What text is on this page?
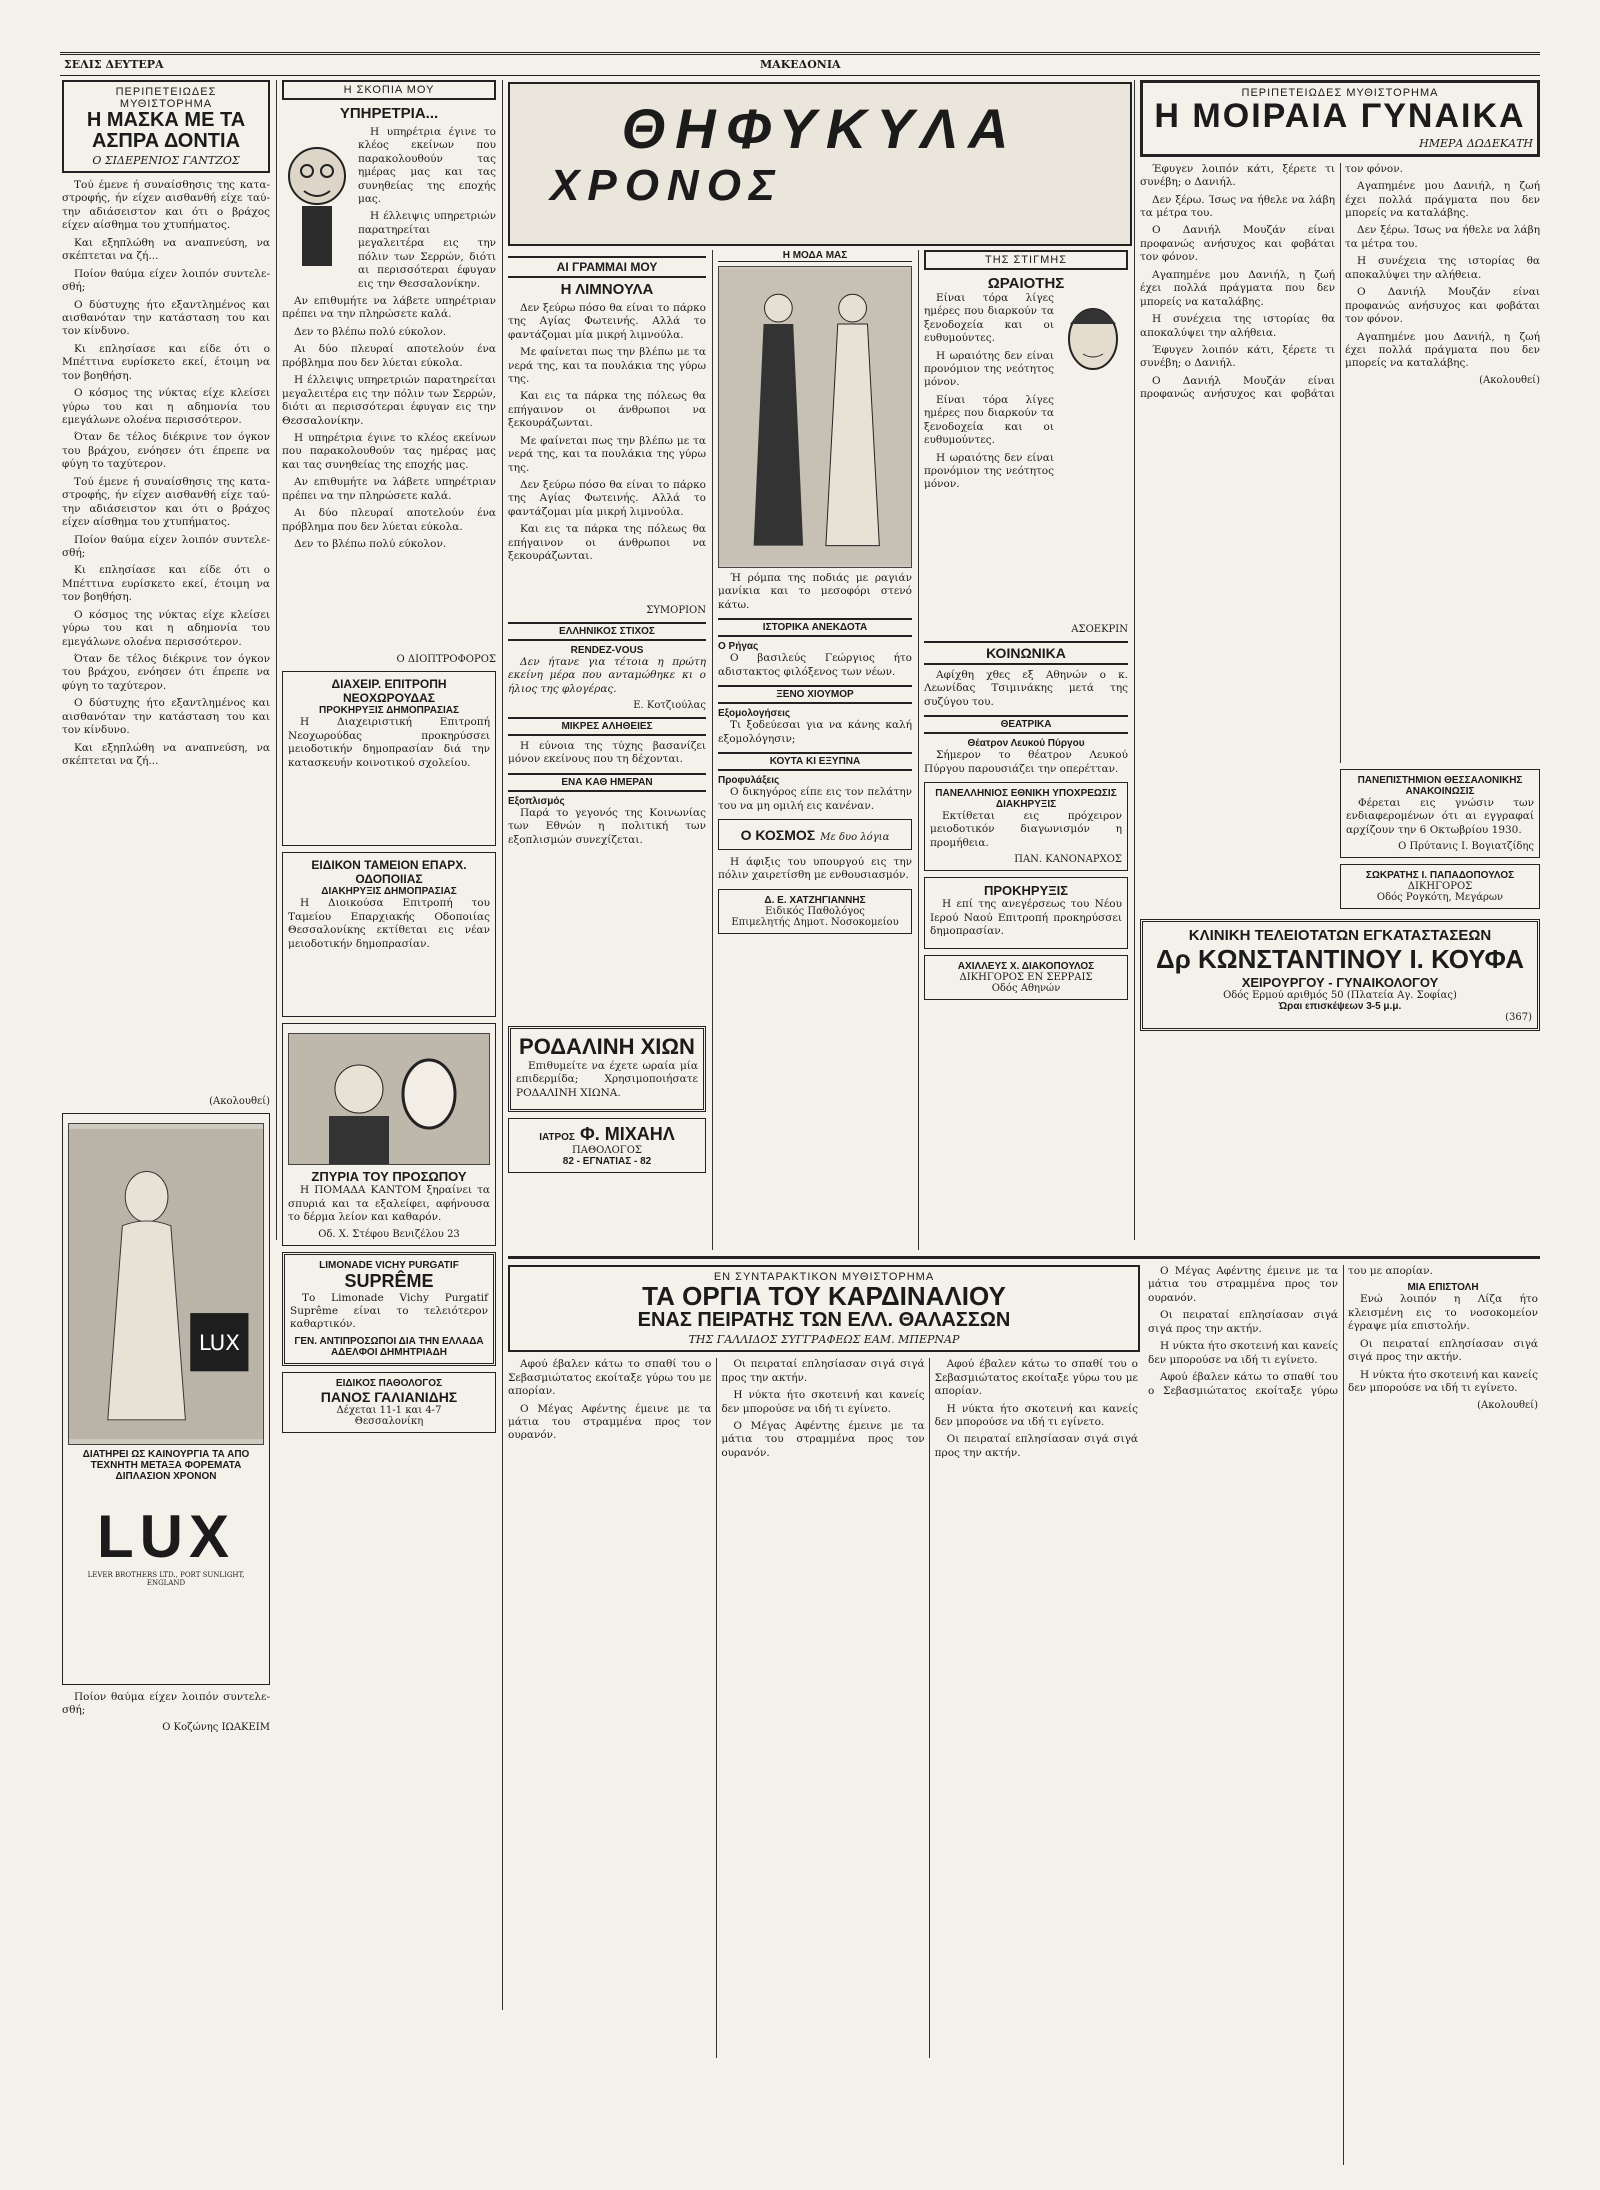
ΣΕΛΙΣ ΔΕΥΤΕΡΑ	ΜΑΚΕΔΟΝΙΑ
ΠΕΡΙΠΕΤΕΙΩΔΕΣ ΜΥΘΙΣΤΟΡΗΜΑ
Η ΜΑΣΚΑ ΜΕ ΤΑ ΑΣΠΡΑ ΔΟΝΤΙΑ
Ο ΣΙΔΕΡΕΝΙΟΣ ΓΑΝΤΖΟΣ

Τού έμενε ή συναίσθησις της καταστροφής, ήν είχεν αισθανθή είχε ταύτην αδιάσειστον και ότι ο βράχος είχεν αίσθημα του χτυπήματος.

Και εξηπλώθη να αναπνεύση, να σκέπτεται να ζή...

Ποίον θαύμα είχεν λοιπόν συντελεσθή;

Ο δύστυχης ήτο εξαντλημένος και αισθανόταν την κατάσταση του και τον κίνδυνο.

Κι επλησίασε και είδε ότι ο Μπέττινα ευρίσκετο εκεί, έτοιμη να τον βοηθήση.

Ο κόσμος της νύκτας είχε κλείσει γύρω του και η αδημονία του εμεγάλωνε ολοένα περισσότερον.

Όταν δε τέλος διέκρινε τον όγκον του βράχου, ενόησεν ότι έπρεπε να φύγη το ταχύτερον.

Τού έμενε ή συναίσθησις της καταστροφής, ήν είχεν αισθανθή είχε ταύτην αδιάσειστον και ότι ο βράχος είχεν αίσθημα του χτυπήματος.

Ποίον θαύμα είχεν λοιπόν συντελεσθή;

Κι επλησίασε και είδε ότι ο Μπέττινα ευρίσκετο εκεί, έτοιμη να τον βοηθήση.

Ο κόσμος της νύκτας είχε κλείσει γύρω του και η αδημονία του εμεγάλωνε ολοένα περισσότερον.

Όταν δε τέλος διέκρινε τον όγκον του βράχου, ενόησεν ότι έπρεπε να φύγη το ταχύτερον.

Ο δύστυχης ήτο εξαντλημένος και αισθανόταν την κατάσταση του και τον κίνδυνο.

Και εξηπλώθη να αναπνεύση, να σκέπτεται να ζή...

(Ακολουθεί)
LUX
ΔΙΑΤΗΡΕΙ ΩΣ ΚΑΙΝΟΥΡΓΙΑ ΤΑ ΑΠΟ ΤΕΧΝΗΤΗ ΜΕΤΑΞΑ ΦΟΡΕΜΑΤΑ ΔΙΠΛΑΣΙΟΝ ΧΡΟΝΟΝ
LUX
LEVER BROTHERS LTD., PORT SUNLIGHT, ENGLAND

Ποίον θαύμα είχεν λοιπόν συντελεσθή;

Ο Κοζώνης ΙΩΑΚΕΙΜ
Η ΣΚΟΠΙΑ ΜΟΥ
ΥΠΗΡΕΤΡΙΑ...

Η υπηρέτρια έγινε το κλέος εκείνων που παρακολουθούν τας ημέρας μας και τας συνηθείας της εποχής μας.

Η έλλειψις υπηρετριών παρατηρείται μεγαλειτέρα εις την πόλιν των Σερρών, διότι αι περισσότεραι έφυγαν εις την Θεσσαλονίκην.

Αν επιθυμήτε να λάβετε υπηρέτριαν πρέπει να την πληρώσετε καλά.

Δεν το βλέπω πολύ εύκολον.

Αι δύο πλευραί αποτελούν ένα πρόβλημα που δεν λύεται εύκολα.

Η έλλειψις υπηρετριών παρατηρείται μεγαλειτέρα εις την πόλιν των Σερρών, διότι αι περισσότεραι έφυγαν εις την Θεσσαλονίκην.

Η υπηρέτρια έγινε το κλέος εκείνων που παρακολουθούν τας ημέρας μας και τας συνηθείας της εποχής μας.

Αν επιθυμήτε να λάβετε υπηρέτριαν πρέπει να την πληρώσετε καλά.

Αι δύο πλευραί αποτελούν ένα πρόβλημα που δεν λύεται εύκολα.

Δεν το βλέπω πολύ εύκολον.

Ο ΔΙΟΠΤΡΟΦΟΡΟΣ
ΔΙΑΧΕΙΡ. ΕΠΙΤΡΟΠΗ ΝΕΟΧΩΡΟΥΔΑΣ
ΠΡΟΚΗΡΥΞΙΣ ΔΗΜΟΠΡΑΣΙΑΣ

Η Διαχειριστική Επιτροπή Νεοχωρούδας προκηρύσσει μειοδοτικήν δημοπρασίαν διά την κατασκευήν κοινοτικού σχολείου.

ΕΙΔΙΚΟΝ ΤΑΜΕΙΟΝ ΕΠΑΡΧ. ΟΔΟΠΟΙΙΑΣ
ΔΙΑΚΗΡΥΞΙΣ ΔΗΜΟΠΡΑΣΙΑΣ

Η Διοικούσα Επιτροπή του Ταμείου Επαρχιακής Οδοποιίας Θεσσαλονίκης εκτίθεται εις νέαν μειοδοτικήν δημοπρασίαν.

ΖΠΥΡΙΑ ΤΟΥ ΠΡΟΣΩΠΟΥ

Η ΠΟΜΑΔΑ ΚΑΝΤΟΜ ξηραίνει τα σπυριά και τα εξαλείφει, αφήνουσα το δέρμα λείον και καθαρόν.

Οδ. Χ. Στέφου Βενιζέλου 23
LIMONADE VICHY PURGATIF
SUPRÊME

Το Limonade Vichy Purgatif Suprême είναι το τελειότερον καθαρτικόν.

ΓΕΝ. ΑΝΤΙΠΡΟΣΩΠΟΙ ΔΙΑ ΤΗΝ ΕΛΛΑΔΑ ΑΔΕΛΦΟΙ ΔΗΜΗΤΡΙΑΔΗ
ΕΙΔΙΚΟΣ ΠΑΘΟΛΟΓΟΣ
ΠΑΝΟΣ ΓΑΛΙΑΝΙΔΗΣ
Δέχεται 11-1 και 4-7
Θεσσαλονίκη
ΘΗΦΥΚΥΛΑ
ΧΡΟΝΟΣ
ΑΙ ΓΡΑΜΜΑΙ ΜΟΥ
Η ΛΙΜΝΟΥΛΑ

Δεν ξεύρω πόσο θα είναι το πάρκο της Αγίας Φωτεινής. Αλλά το φαντάζομαι μία μικρή λιμνούλα.

Με φαίνεται πως την βλέπω με τα νερά της, και τα πουλάκια της γύρω της.

Και εις τα πάρκα της πόλεως θα επήγαινον οι άνθρωποι να ξεκουράζωνται.

Με φαίνεται πως την βλέπω με τα νερά της, και τα πουλάκια της γύρω της.

Δεν ξεύρω πόσο θα είναι το πάρκο της Αγίας Φωτεινής. Αλλά το φαντάζομαι μία μικρή λιμνούλα.

Και εις τα πάρκα της πόλεως θα επήγαινον οι άνθρωποι να ξεκουράζωνται.

ΣΥΜΟΡΙΟΝ
ΕΛΛΗΝΙΚΟΣ ΣΤΙΧΟΣ
RENDEZ-VOUS

Δεν ήτανε για τέτοια η πρώτη εκείνη μέρα που ανταμώθηκε κι ο ήλιος της φλογέρας.

Ε. Κοτζιούλας
ΜΙΚΡΕΣ ΑΛΗΘΕΙΕΣ

Η εύνοια της τύχης βασανίζει μόνον εκείνους που τη δέχονται.

ΕΝΑ ΚΑΘ ΗΜΕΡΑΝ
Εξοπλισμός

Παρά το γεγονός της Κοινωνίας των Εθνών η πολιτική των εξοπλισμών συνεχίζεται.

ΡΟΔΑΛΙΝΗ ΧΙΩΝ

Επιθυμείτε να έχετε ωραία μία επιδερμίδα; Χρησιμοποιήσατε ΡΟΔΑΛΙΝΗ ΧΙΩΝΑ.

ΙΑΤΡΟΣ Φ. ΜΙΧΑΗΛ
ΠΑΘΟΛΟΓΟΣ
82 - ΕΓΝΑΤΙΑΣ - 82
Η ΜΟΔΑ ΜΑΣ

Ή ρόμπα της ποδιάς με ραγιάν μανίκια και το μεσοφόρι στενό κάτω.

ΙΣΤΟΡΙΚΑ ΑΝΕΚΔΟΤΑ
Ο Ρήγας

Ο βασιλεύς Γεώργιος ήτο αδιστακτος φιλόξενος των νέων.

ΞΕΝΟ ΧΙΟΥΜΟΡ
Εξομολογήσεις

Τι ξοδεύεσαι για να κάνης καλή εξομολόγησιν;

ΚΟΥΤΑ ΚΙ ΕΞΥΠΝΑ
Προφυλάξεις

Ο δικηγόρος είπε εις τον πελάτην του να μη ομιλή εις κανέναν.

Ο ΚΟΣΜΟΣ Με δυο λόγια

Η άφιξις του υπουργού εις την πόλιν χαιρετίσθη με ενθουσιασμόν.

Δ. Ε. ΧΑΤΖΗΓΙΑΝΝΗΣ
Ειδικός Παθολόγος
Επιμελητής Δημοτ. Νοσοκομείου
ΤΗΣ ΣΤΙΓΜΗΣ
ΩΡΑΙΟΤΗΣ

Είναι τόρα λίγες ημέρες που διαρκούν τα ξενοδοχεία και οι ευθυμούντες.

Η ωραιότης δεν είναι προνόμιον της νεότητος μόνον.

Είναι τόρα λίγες ημέρες που διαρκούν τα ξενοδοχεία και οι ευθυμούντες.

Η ωραιότης δεν είναι προνόμιον της νεότητος μόνον.

ΑΣΟΕΚΡΙΝ
ΚΟΙΝΩΝΙΚΑ

Αφίχθη χθες εξ Αθηνών ο κ. Λεωνίδας Τσιμινάκης μετά της συζύγου του.

ΘΕΑΤΡΙΚΑ
Θέατρον Λευκού Πύργου

Σήμερον το θέατρον Λευκού Πύργου παρουσιάζει την οπερέτταν.

ΠΑΝΕΛΛΗΝΙΟΣ ΕΘΝΙΚΗ ΥΠΟΧΡΕΩΣΙΣ
ΔΙΑΚΗΡΥΞΙΣ

Εκτίθεται εις πρόχειρον μειοδοτικόν διαγωνισμόν η προμήθεια.

ΠΑΝ. ΚΑΝΟΝΑΡΧΟΣ
ΠΡΟΚΗΡΥΞΙΣ

Η επί της ανεγέρσεως του Νέου Ιερού Ναού Επιτροπή προκηρύσσει δημοπρασίαν.

ΑΧΙΛΛΕΥΣ Χ. ΔΙΑΚΟΠΟΥΛΟΣ
ΔΙΚΗΓΟΡΟΣ ΕΝ ΣΕΡΡΑΙΣ
Οδός Αθηνών
ΠΕΡΙΠΕΤΕΙΩΔΕΣ ΜΥΘΙΣΤΟΡΗΜΑ
Η ΜΟΙΡΑΙΑ ΓΥΝΑΙΚΑ
ΗΜΕΡΑ ΔΩΔΕΚΑΤΗ

Έφυγεν λοιπόν κάτι, ξέρετε τι συνέβη; ο Δανιήλ.

Δεν ξέρω. Ίσως να ήθελε να λάβη τα μέτρα του.

Ο Δανιήλ Μουζάν είναι προφανώς ανήσυχος και φοβάται τον φόνον.

Αγαπημένε μου Δανιήλ, η ζωή έχει πολλά πράγματα που δεν μπορείς να καταλάβης.

Η συνέχεια της ιστορίας θα αποκαλύψει την αλήθεια.

Έφυγεν λοιπόν κάτι, ξέρετε τι συνέβη; ο Δανιήλ.

Ο Δανιήλ Μουζάν είναι προφανώς ανήσυχος και φοβάται τον φόνον.

Αγαπημένε μου Δανιήλ, η ζωή έχει πολλά πράγματα που δεν μπορείς να καταλάβης.

Δεν ξέρω. Ίσως να ήθελε να λάβη τα μέτρα του.

Η συνέχεια της ιστορίας θα αποκαλύψει την αλήθεια.

Ο Δανιήλ Μουζάν είναι προφανώς ανήσυχος και φοβάται τον φόνον.

Αγαπημένε μου Δανιήλ, η ζωή έχει πολλά πράγματα που δεν μπορείς να καταλάβης.

(Ακολουθεί)
ΠΑΝΕΠΙΣΤΗΜΙΟΝ ΘΕΣΣΑΛΟΝΙΚΗΣ
ΑΝΑΚΟΙΝΩΣΙΣ

Φέρεται εις γνώσιν των ενδιαφερομένων ότι αι εγγραφαί αρχίζουν την 6 Οκτωβρίου 1930.

Ο Πρύτανις Ι. Βογιατζίδης
ΣΩΚΡΑΤΗΣ Ι. ΠΑΠΑΔΟΠΟΥΛΟΣ
ΔΙΚΗΓΟΡΟΣ
Οδός Ρογκότη, Μεγάρων
ΚΛΙΝΙΚΗ ΤΕΛΕΙΟΤΑΤΩΝ ΕΓΚΑΤΑΣΤΑΣΕΩΝ
Δρ ΚΩΝΣΤΑΝΤΙΝΟΥ Ι. ΚΟΥΦΑ
ΧΕΙΡΟΥΡΓΟΥ - ΓΥΝΑΙΚΟΛΟΓΟΥ
Οδός Ερμού αριθμός 50 (Πλατεία Αγ. Σοφίας)
Ώραι επισκέψεων 3-5 μ.μ.
(367)
ΕΝ ΣΥΝΤΑΡΑΚΤΙΚΟΝ ΜΥΘΙΣΤΟΡΗΜΑ
ΤΑ ΟΡΓΙΑ ΤΟΥ ΚΑΡΔΙΝΑΛΙΟΥ
ΕΝΑΣ ΠΕΙΡΑΤΗΣ ΤΩΝ ΕΛΛ. ΘΑΛΑΣΣΩΝ
ΤΗΣ ΓΑΛΛΙΔΟΣ ΣΥΓΓΡΑΦΕΩΣ ΕΑΜ. ΜΠΕΡΝΑΡ

Ο Μέγας Αφέντης έμεινε με τα μάτια του στραμμένα προς τον ουρανόν.

Οι πειραταί επλησίασαν σιγά σιγά προς την ακτήν.

Η νύκτα ήτο σκοτεινή και κανείς δεν μπορούσε να ιδή τι εγίνετο.

Αφού έβαλεν κάτω το σπαθί του ο Σεβασμιώτατος εκοίταξε γύρω του με απορίαν.

ΜΙΑ ΕΠΙΣΤΟΛΗ

Ενώ λοιπόν η Λίζα ήτο κλεισμένη εις το νοσοκομείον έγραψε μία επιστολήν.

Οι πειραταί επλησίασαν σιγά σιγά προς την ακτήν.

Η νύκτα ήτο σκοτεινή και κανείς δεν μπορούσε να ιδή τι εγίνετο.

(Ακολουθεί)

Αφού έβαλεν κάτω το σπαθί του ο Σεβασμιώτατος εκοίταξε γύρω του με απορίαν.

Ο Μέγας Αφέντης έμεινε με τα μάτια του στραμμένα προς τον ουρανόν.

Οι πειραταί επλησίασαν σιγά σιγά προς την ακτήν.

Η νύκτα ήτο σκοτεινή και κανείς δεν μπορούσε να ιδή τι εγίνετο.

Ο Μέγας Αφέντης έμεινε με τα μάτια του στραμμένα προς τον ουρανόν.

Αφού έβαλεν κάτω το σπαθί του ο Σεβασμιώτατος εκοίταξε γύρω του με απορίαν.

Η νύκτα ήτο σκοτεινή και κανείς δεν μπορούσε να ιδή τι εγίνετο.

Οι πειραταί επλησίασαν σιγά σιγά προς την ακτήν.
